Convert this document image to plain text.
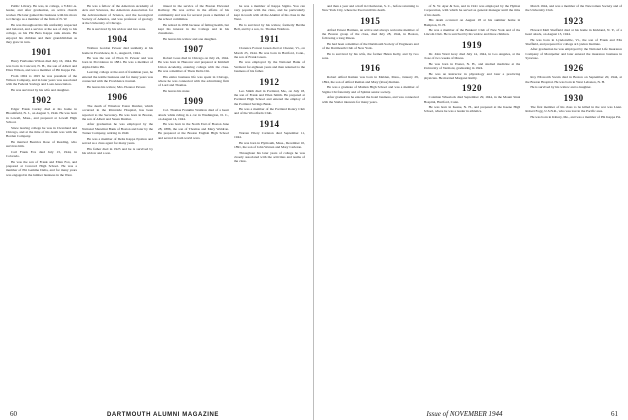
Public Library. He was, in college, a Y.M.C.A. leader, and after graduation, an active church worker. He later gained his business with his move to Chicago as a member of the firm of N. W.

He was throughout his life uniformly respected and beloved, and a service at the sea of duty to his college, as his Phi Beta Kappa rank attests. He enjoyed his children and their grandchildren as they grew in turn.

1901

Harry Fairbanks Wilson died July 16, 1944. He was born in Concord, N. H., the son of Albert and Eliza Wilson, and was a member of Phi Kappa Psi.

From 1904 to 1925 he was president of the Wilson Company, and in later years was associated with the Federal Savings and Loan Association.

He was survived by his wife and daughter.

1902

Edgar Frank Cazley died at his home in Bloomfield, N. J., on August 3, 1944. He was born in Lowell, Mass., and prepared at Lowell High School.

Since leaving college he was in Cleveland and Chicago, and at the time of his death was with the Borden Company.

He married Beatrice Rose of Reading, who survives him.

Carl Frank Fox died July 13, 1944, in Colorado.

He was the son of Frank and Ellen Fox, and prepared at Concord High School. He was a member of Phi Gamma Delta, and for many years was engaged in the lumber business in the West.

He was a fellow of the American Academy of Arts and Sciences, the American Association for the Advancement of Science, and the Geological Society of America, and was professor of geology at the University of Chicago.

He is survived by his widow and two sons.

1904

Wallace Gordon Pevear died suddenly at his home in Providence, R. I., August 6, 1944.

He was the son of Eben N. Pevear and was born in Providence in 1881. He was a member of Alpha Delta Phi.

Leaving college at the end of freshman year, he entered the textile business and for many years was connected with the Providence Journal.

He leaves his widow, Mrs. Eleanor Pevear.

1906

The death of Winslow Eaton Dunbar, which occurred in the Riverside Hospital, has been reported to the Secretary. He was born in Boston, the son of Albert and Susan Dunbar.

After graduation he was employed by the National Shawmut Bank of Boston and later by the Turner Company, retiring in 1940.

He was a member of Delta Kappa Epsilon and served as a class agent for many years.

His father died in 1925 and he is survived by his widow and a son.

tinued in the service of the Boston Elevated Railway. He was active in the affairs of his community and was for several years a member of the school committee.

He retired in 1936 because of failing health, but kept his interest in the College and in his classmates.

He leaves his widow and one daughter.

1907

Robert Goss died in Chicago on July 24, 1944. He was born in Hanover and prepared at Kimball Union Academy, entering college with the class. He was a member of Theta Delta Chi.

His entire business life was spent in Chicago, where he was connected with the advertising firm of Lord and Thomas.

He leaves his sister.

1909

Col. Thomas Franklin Waldron died of a heart attack while riding in a car in Washington, D. C., on August 14, 1944.

He was born in the North End of Boston June 28, 1886, the son of Thomas and Mary Waldron. He prepared at the Boston English High School and served in both world wars.

he was a member of Kappa Sigma. You can very popular with the class, and he particularly kept in touch with all the Alumni of his class in the West.

He is survived by his widow, formerly Bertha Bell, and by a son, Lt. Thomas Waldron.

1911

Clarence Forrest Green died at Chester, Vt., on March 25, 1944. He was born in Hartford, Conn., the son of Frank Green.

He was employed by the National Bank of Vermont for eighteen years and then returned to the business of his father.

1912

Leo Smith died in Portland, Me., on July 18, the son of Frank and Ellen Smith. He prepared at Portland High School and entered the employ of the Portland Savings Bank.

He was a member of the Portland Rotary Club and of the Woodfords Club.

1914

Warren Ellery Carleton died September 11, 1944.

He was born in Plymouth, Mass., December 10, 1891, the son of John Warren and Mary Carleton.

Throughout his later years of college he was closely associated with the activities and teams of the class.

60	DARTMOUTH ALUMNI MAGAZINE

and then a year and a half in Charleston, S. C., before returning to New York City, where he lived until his death.

1915

Alfred Ernest Harman, an active and always welcome member of the Boston group of the class, died July 28, 1944, in Boston, following a long illness.

He had been a member of the Dartmouth Society of Engineers and of the Dartmouth Club of New York.

He is survived by his wife, the former Helen Kelly, and by two sons.

1916

Robert Alfred Reman was born in Malden, Mass., January 29, 1894, the son of Alfred Reman and Mary (Ross) Reman.

He was a graduate of Malden High School and was a member of Sigma Chi fraternity and of Sphinx senior society.

After graduation he entered the hotel business, and was connected with the Statler interests for many years.

of N. W. Ayer & Son, and in 1941 was employed by the Hyman Corporation, with which he served as general manager until the time of his death.

His death occurred on August 18 at his summer home in Hampton, N. H.

He was a member of the Bankers' Club of New York and of the Lincoln Club. He is survived by his widow and three children.

1919

Dr. John Ward Gray died July 14, 1944, in Los Angeles, at the close of two weeks of illness.

He was born in Exeter, N. H., and studied medicine at the University of Vermont, graduating in 1924.

He was an instructor in physiology and later a practicing physician. He married Margaret Reilly.

1920

Coleman Wheelock died September 29, 1944, in the Mount Sinai Hospital, Hartford, Conn.

He was born in Keene, N. H., and prepared at the Keene High School, where he was a leader in athletics.

March 1944, and was a member of the Newcomen Society and of the University Club.

1923

Howard Mell Sheffield died at his home in Kirkland, N. Y., of a heart attack, on August 13, 1944.

He was born in Lyndonville, Vt., the son of Frank and Ella Sheffield, and prepared for college at Lyndon Institute.

After graduation he was employed by the National Life Insurance Company of Montpelier and later entered the insurance business in Syracuse.

1926

Roy Ellsworth Swain died in Boston on September 20, 1944, at the Boston Hospital. He was born in West Lebanon, N. H.

He is survived by his widow and a daughter.

1930

The first member of his class to be killed in the war was Lieut. Robert Fogg, U.S.N.R., who was lost in the Pacific area.

He was born in Kittery, Me., and was a member of Phi Kappa Psi.

Issue of NOVEMBER 1944	61
